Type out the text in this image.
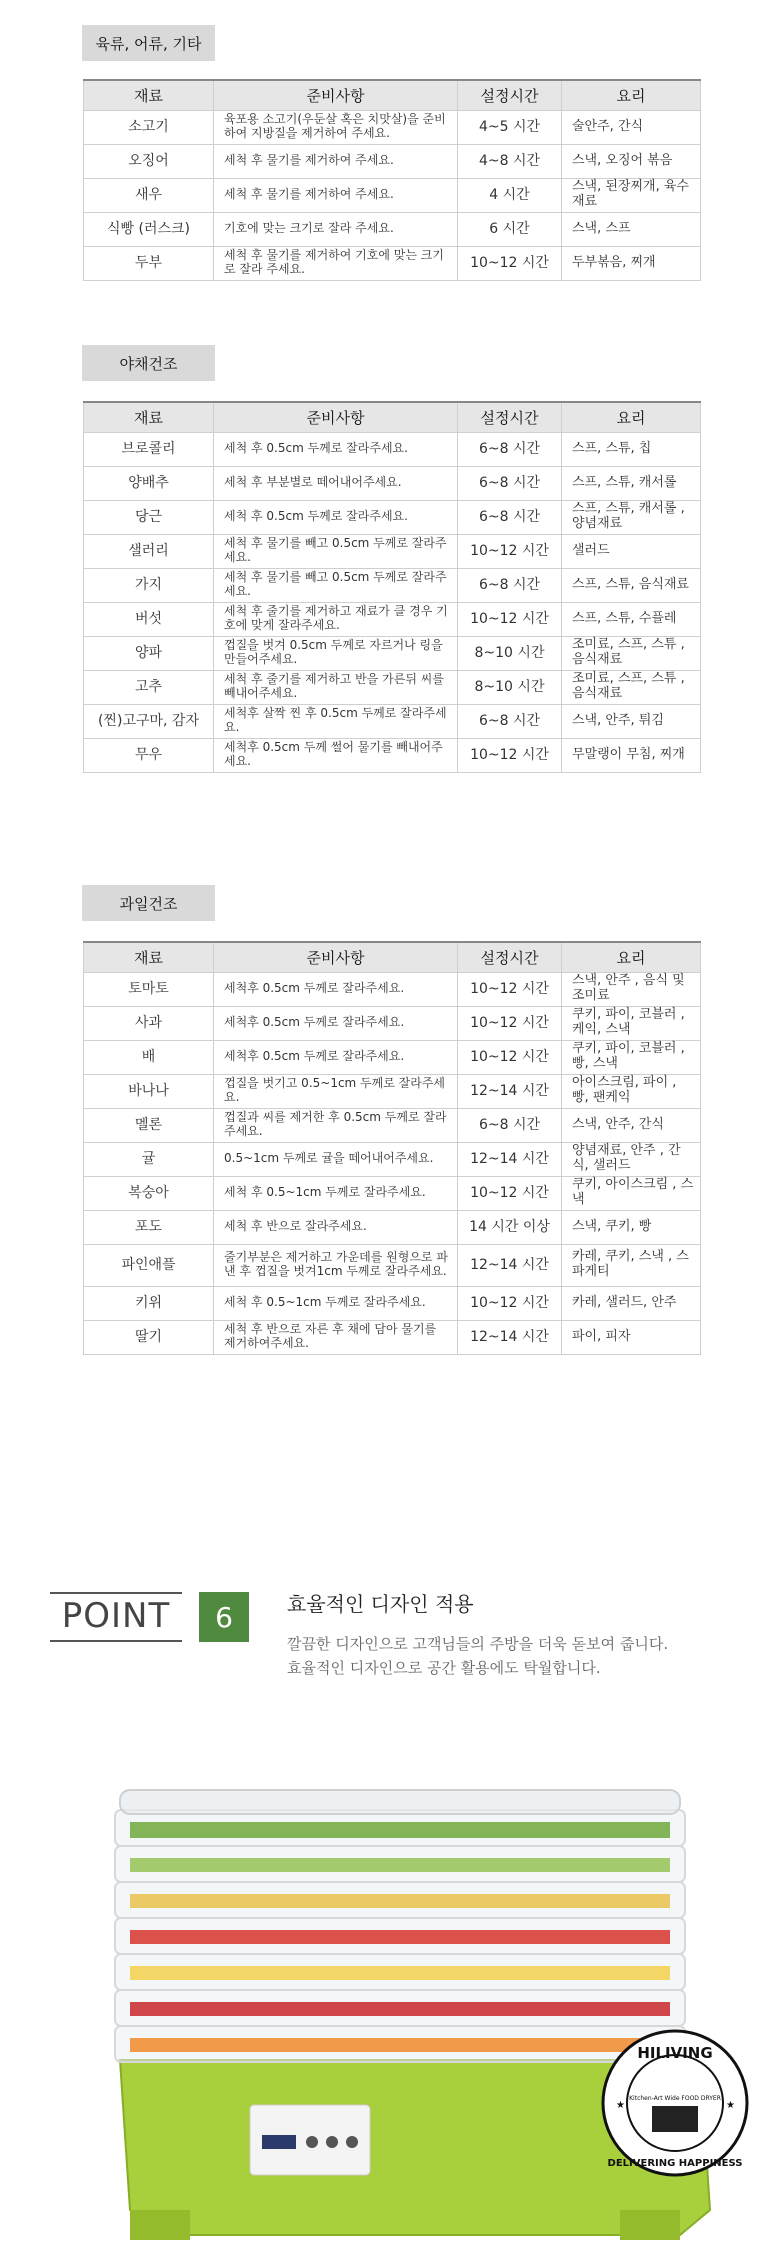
육류, 어류, 기타
재료	준비사항	설정시간	요리
소고기	육포용 소고기(우둔살 혹은 치맛살)을 준비하여 지방질을 제거하여 주세요.	4~5 시간	술안주, 간식
오징어	세척 후 물기를 제거하여 주세요.	4~8 시간	스낵, 오징어 볶음
새우	세척 후 물기를 제거하여 주세요.	4 시간	스낵, 된장찌개, 육수재료
식빵 (러스크)	기호에 맞는 크기로 잘라 주세요.	6 시간	스낵, 스프
두부	세척 후 물기를 제거하여 기호에 맞는 크기로 잘라 주세요.	10~12 시간	두부볶음, 찌개
야채건조
재료	준비사항	설정시간	요리
브로콜리	세척 후 0.5cm 두께로 잘라주세요.	6~8 시간	스프, 스튜, 칩
양배추	세척 후 부분별로 떼어내어주세요.	6~8 시간	스프, 스튜, 캐서롤
당근	세척 후 0.5cm 두께로 잘라주세요.	6~8 시간	스프, 스튜, 캐서롤 , 양념재료
샐러리	세척 후 물기를 빼고 0.5cm 두께로 잘라주세요.	10~12 시간	샐러드
가지	세척 후 물기를 빼고 0.5cm 두께로 잘라주세요.	6~8 시간	스프, 스튜, 음식재료
버섯	세척 후 줄기를 제거하고 재료가 클 경우 기호에 맞게 잘라주세요.	10~12 시간	스프, 스튜, 수플레
양파	껍질을 벗겨 0.5cm 두께로 자르거나 링을 만들어주세요.	8~10 시간	조미료, 스프, 스튜 , 음식재료
고추	세척 후 줄기를 제거하고 반을 가른뒤 씨를 빼내어주세요.	8~10 시간	조미료, 스프, 스튜 , 음식재료
(찐)고구마, 감자	세척후 살짝 찐 후 0.5cm 두께로 잘라주세요.	6~8 시간	스낵, 안주, 튀김
무우	세척후 0.5cm 두께 썰어 물기를 빼내어주세요.	10~12 시간	무말랭이 무침, 찌개
과일건조
재료	준비사항	설정시간	요리
토마토	세척후 0.5cm 두께로 잘라주세요.	10~12 시간	스낵, 안주 , 음식 및 조미료
사과	세척후 0.5cm 두께로 잘라주세요.	10~12 시간	쿠키, 파이, 코블러 , 케익, 스낵
배	세척후 0.5cm 두께로 잘라주세요.	10~12 시간	쿠키, 파이, 코블러 , 빵, 스낵
바나나	껍질을 벗기고 0.5~1cm 두께로 잘라주세요.	12~14 시간	아이스크림, 파이 , 빵, 팬케익
멜론	껍질과 씨를 제거한 후 0.5cm 두께로 잘라주세요.	6~8 시간	스낵, 안주, 간식
귤	0.5~1cm 두께로 귤을 떼어내어주세요.	12~14 시간	양념재료, 안주 , 간식, 샐러드
복숭아	세척 후 0.5~1cm 두께로 잘라주세요.	10~12 시간	쿠키, 아이스크림 , 스낵
포도	세척 후 반으로 잘라주세요.	14 시간 이상	스낵, 쿠키, 빵
파인애플	줄기부분은 제거하고 가운데를 원형으로 파낸 후 껍질을 벗겨1cm 두께로 잘라주세요.	12~14 시간	카레, 쿠키, 스낵 , 스파게티
키위	세척 후 0.5~1cm 두께로 잘라주세요.	10~12 시간	카레, 샐러드, 안주
딸기	세척 후 반으로 자른 후 채에 담아 물기를 제거하여주세요.	12~14 시간	파이, 피자
POINT	6	효율적인 디자인 적용
깔끔한 디자인으로 고객님들의 주방을 더욱 돋보여 줍니다.
효율적인 디자인으로 공간 활용에도 탁월합니다.
HILIVING
DELIVERING HAPPINESS
Kitchen-Art Wide FOOD DRYER
★	★
